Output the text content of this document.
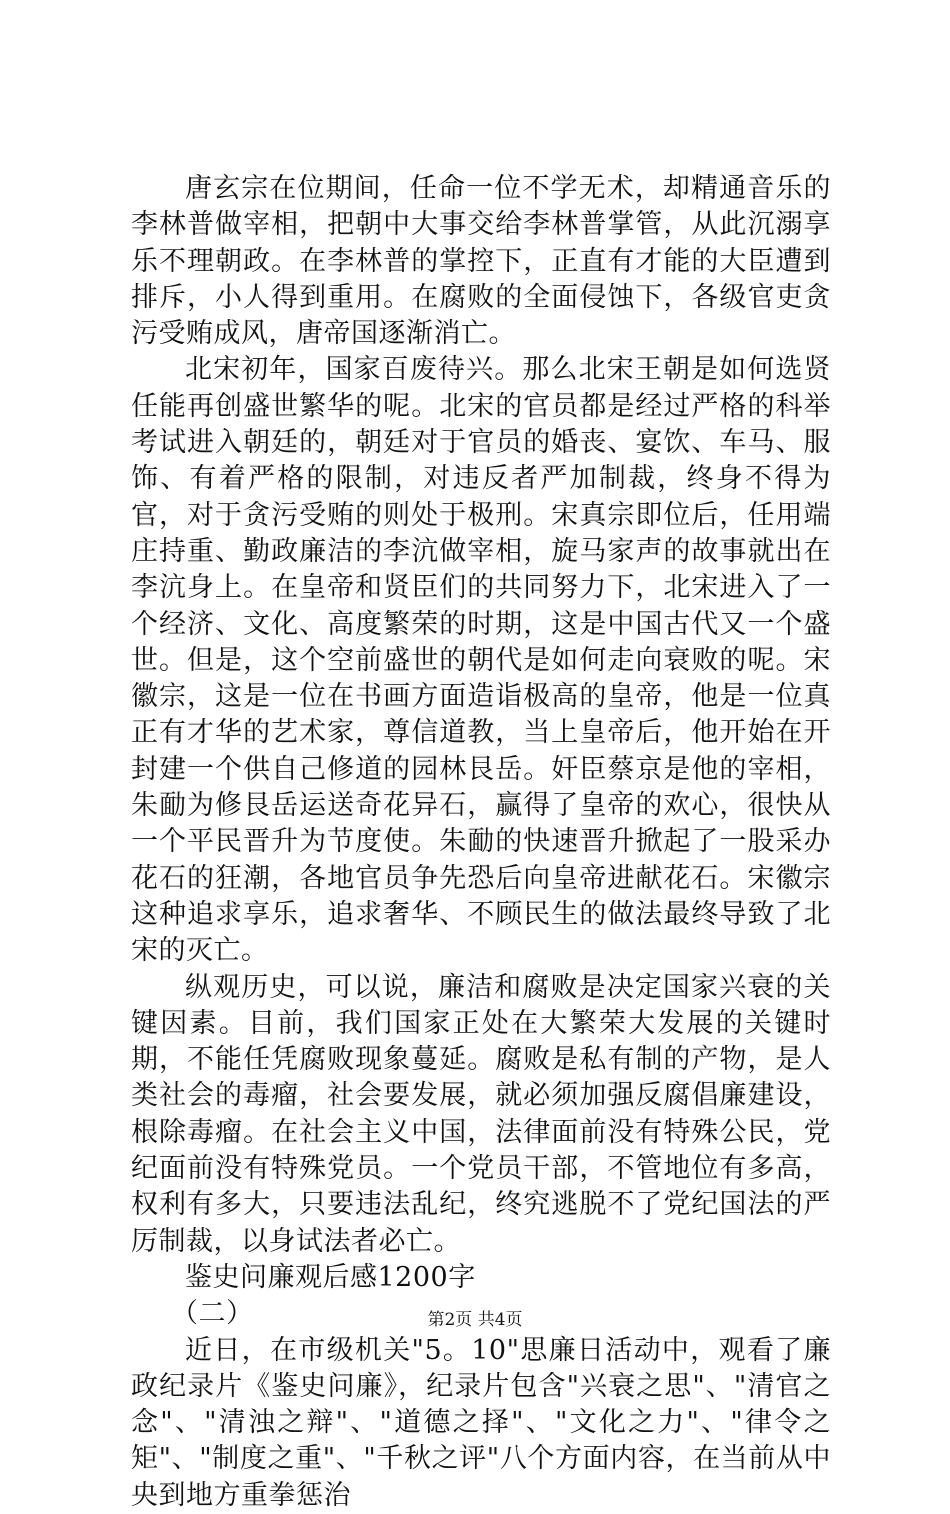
唐玄宗在位期间，任命一位不学无术，却精通音乐的李林普做宰相，把朝中大事交给李林普掌管，从此沉溺享乐不理朝政。在李林普的掌控下，正直有才能的大臣遭到排斥，小人得到重用。在腐败的全面侵蚀下，各级官吏贪污受贿成风，唐帝国逐渐消亡。

北宋初年，国家百废待兴。那么北宋王朝是如何选贤任能再创盛世繁华的呢。北宋的官员都是经过严格的科举考试进入朝廷的，朝廷对于官员的婚丧、宴饮、车马、服饰、有着严格的限制，对违反者严加制裁，终身不得为官，对于贪污受贿的则处于极刑。宋真宗即位后，任用端庄持重、勤政廉洁的李沆做宰相，旋马家声的故事就出在李沆身上。在皇帝和贤臣们的共同努力下，北宋进入了一个经济、文化、高度繁荣的时期，这是中国古代又一个盛世。但是，这个空前盛世的朝代是如何走向衰败的呢。宋徽宗，这是一位在书画方面造诣极高的皇帝，他是一位真正有才华的艺术家，尊信道教，当上皇帝后，他开始在开封建一个供自己修道的园林艮岳。奸臣蔡京是他的宰相，朱勔为修艮岳运送奇花异石，赢得了皇帝的欢心，很快从一个平民晋升为节度使。朱勔的快速晋升掀起了一股采办花石的狂潮，各地官员争先恐后向皇帝进献花石。宋徽宗这种追求享乐，追求奢华、不顾民生的做法最终导致了北宋的灭亡。

纵观历史，可以说，廉洁和腐败是决定国家兴衰的关键因素。目前，我们国家正处在大繁荣大发展的关键时期，不能任凭腐败现象蔓延。腐败是私有制的产物，是人类社会的毒瘤，社会要发展，就必须加强反腐倡廉建设，根除毒瘤。在社会主义中国，法律面前没有特殊公民，党纪面前没有特殊党员。一个党员干部，不管地位有多高，权利有多大，只要违法乱纪，终究逃脱不了党纪国法的严厉制裁，以身试法者必亡。

鉴史问廉观后感1200字

（二）

近日，在市级机关"5。10"思廉日活动中，观看了廉政纪录片《鉴史问廉》，纪录片包含"兴衰之思"、"清官之念"、"清浊之辩"、"道德之择"、"文化之力"、"律令之矩"、"制度之重"、"千秋之评"八个方面内容，在当前从中央到地方重拳惩治

第2页 共4页
